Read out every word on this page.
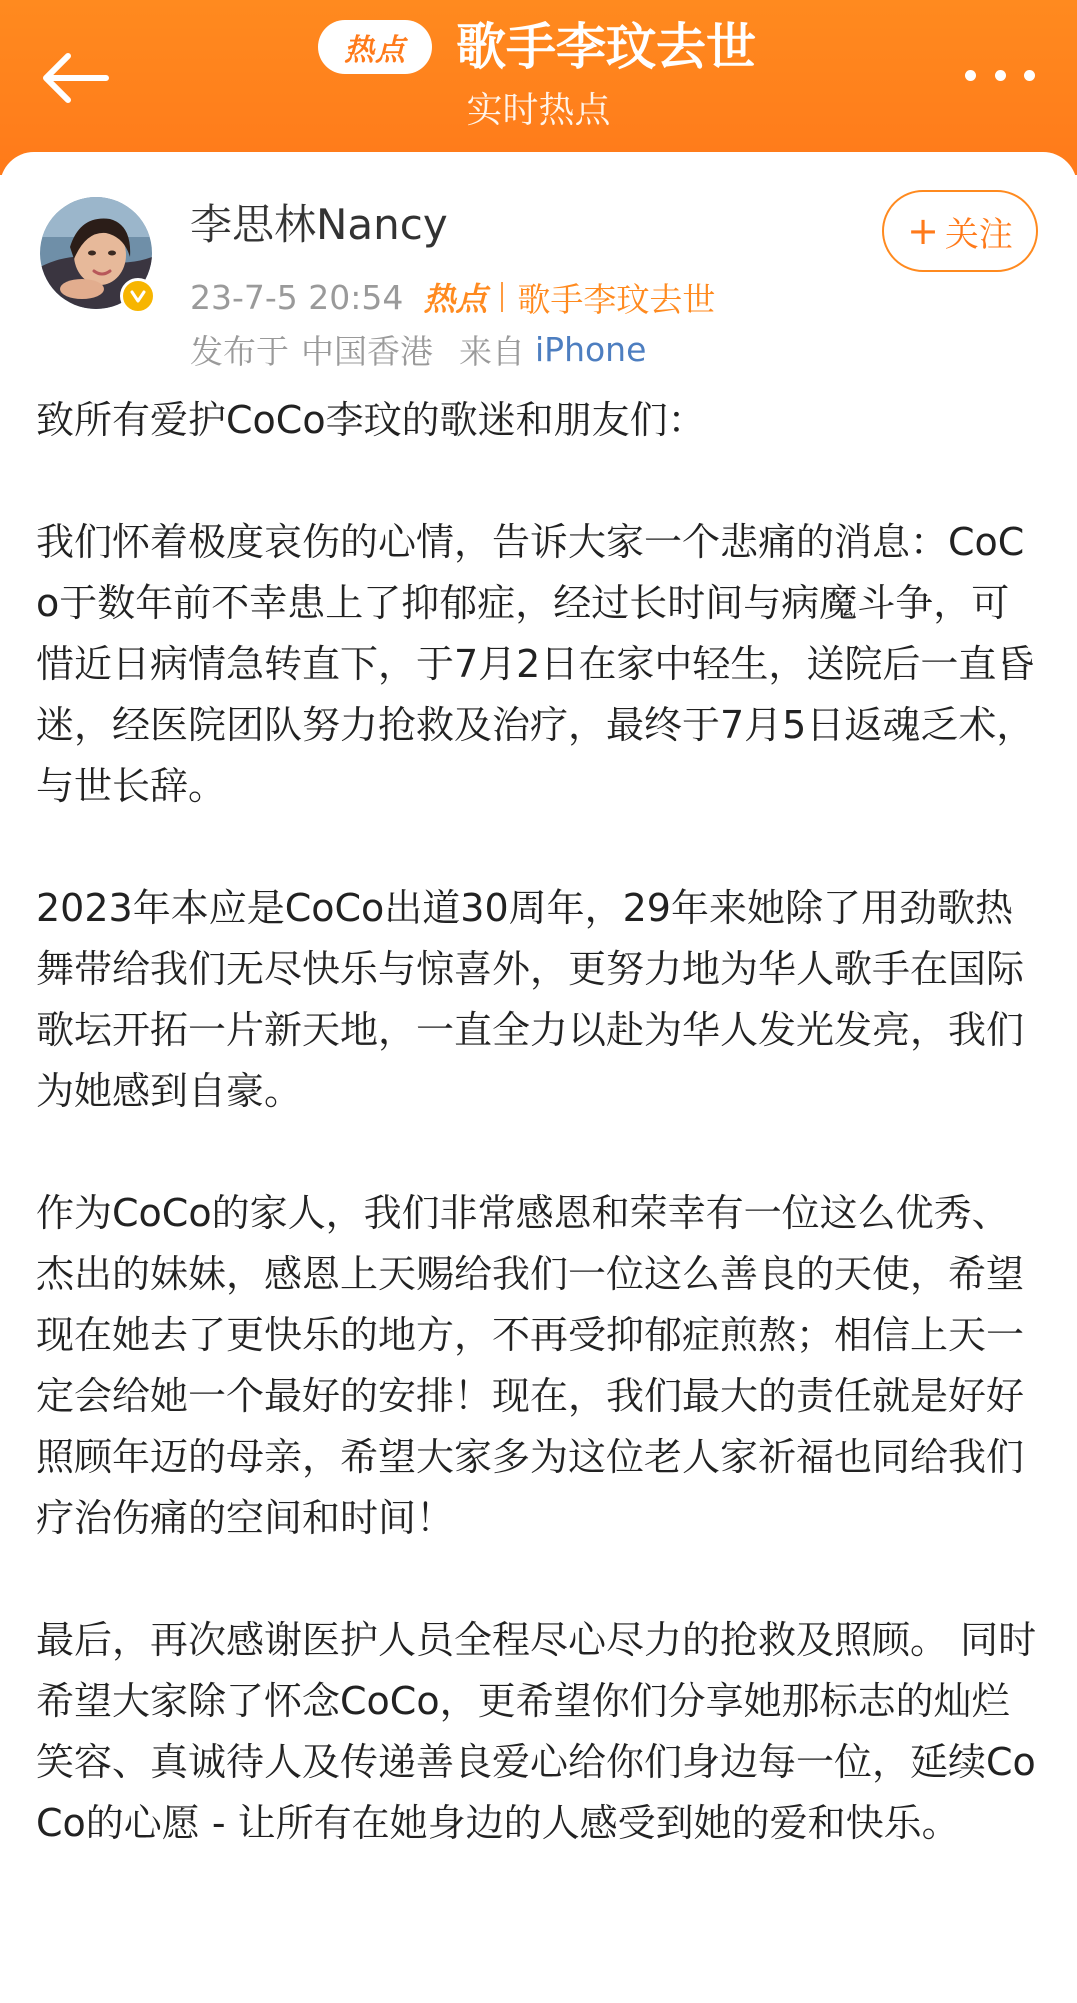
热点 歌手李玟去世
实时热点
李思林Nancy	+ 关注
23-7-5 20:54 热点 歌手李玟去世
发布于 中国香港 来自 iPhone

致所有爱护CoCo李玟的歌迷和朋友们：

我们怀着极度哀伤的心情，告诉大家一个悲痛的消息：CoCo于数年前不幸患上了抑郁症，经过长时间与病魔斗争，可惜近日病情急转直下，于7月2日在家中轻生，送院后一直昏迷，经医院团队努力抢救及治疗，最终于7月5日返魂乏术，与世长辞。

2023年本应是CoCo出道30周年，29年来她除了用劲歌热舞带给我们无尽快乐与惊喜外，更努力地为华人歌手在国际歌坛开拓一片新天地，一直全力以赴为华人发光发亮，我们为她感到自豪。

作为CoCo的家人，我们非常感恩和荣幸有一位这么优秀、杰出的妹妹，感恩上天赐给我们一位这么善良的天使，希望现在她去了更快乐的地方，不再受抑郁症煎熬；相信上天一定会给她一个最好的安排！现在，我们最大的责任就是好好照顾年迈的母亲，希望大家多为这位老人家祈福也同给我们疗治伤痛的空间和时间！

最后，再次感谢医护人员全程尽心尽力的抢救及照顾。 同时希望大家除了怀念CoCo，更希望你们分享她那标志的灿烂笑容、真诚待人及传递善良爱心给你们身边每一位，延续CoCo的心愿 - 让所有在她身边的人感受到她的爱和快乐。
